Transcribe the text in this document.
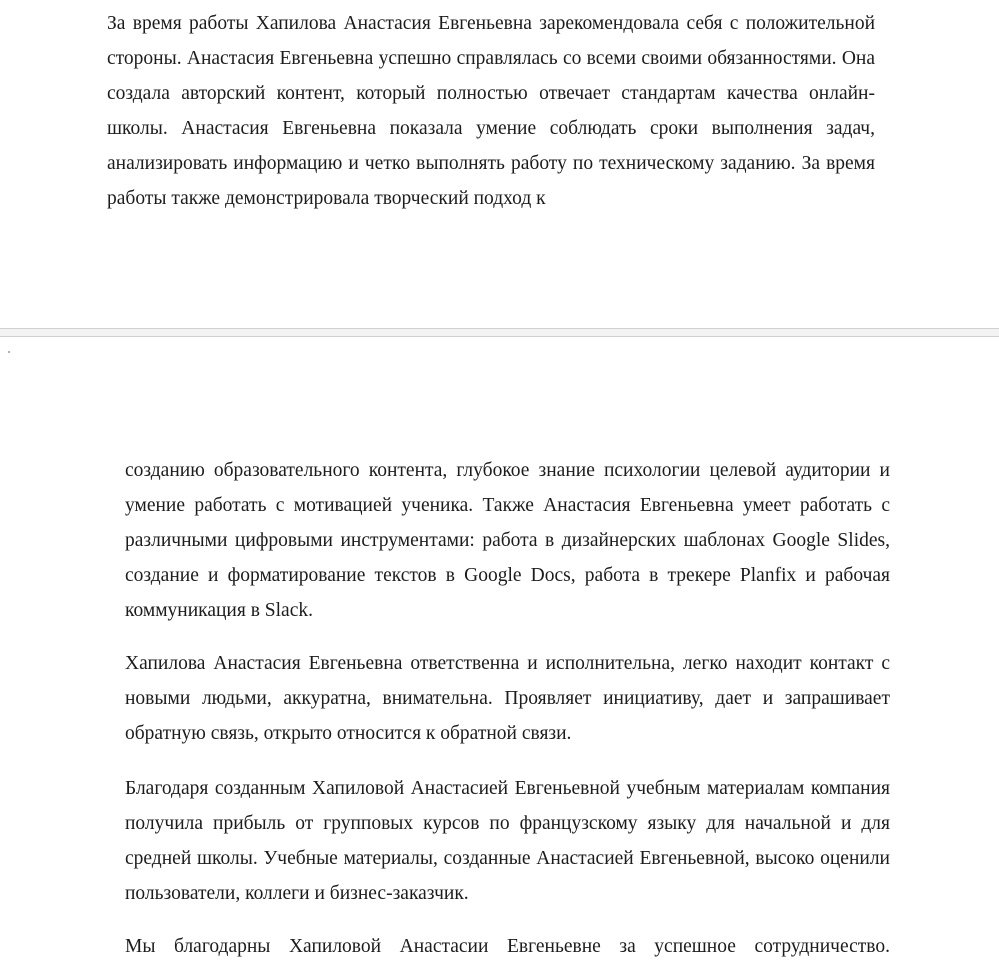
За время работы Хапилова Анастасия Евгеньевна зарекомендовала себя с положительной стороны. Анастасия Евгеньевна успешно справлялась со всеми своими обязанностями. Она создала авторский контент, который полностью отвечает стандартам качества онлайн-школы. Анастасия Евгеньевна показала умение соблюдать сроки выполнения задач, анализировать информацию и четко выполнять работу по техническому заданию. За время работы также демонстрировала творческий подход к

созданию образовательного контента, глубокое знание психологии целевой аудитории и умение работать с мотивацией ученика. Также Анастасия Евгеньевна умеет работать с различными цифровыми инструментами: работа в дизайнерских шаблонах Google Slides, создание и форматирование текстов в Google Docs, работа в трекере Planfix и рабочая коммуникация в Slack.

Хапилова Анастасия Евгеньевна ответственна и исполнительна, легко находит контакт с новыми людьми, аккуратна, внимательна. Проявляет инициативу, дает и запрашивает обратную связь, открыто относится к обратной связи.

Благодаря созданным Хапиловой Анастасией Евгеньевной учебным материалам компания получила прибыль от групповых курсов по французскому языку для начальной и для средней школы. Учебные материалы, созданные Анастасией Евгеньевной, высоко оценили пользователи, коллеги и бизнес-заказчик.

Мы благодарны Хапиловой Анастасии Евгеньевне за успешное сотрудничество.
